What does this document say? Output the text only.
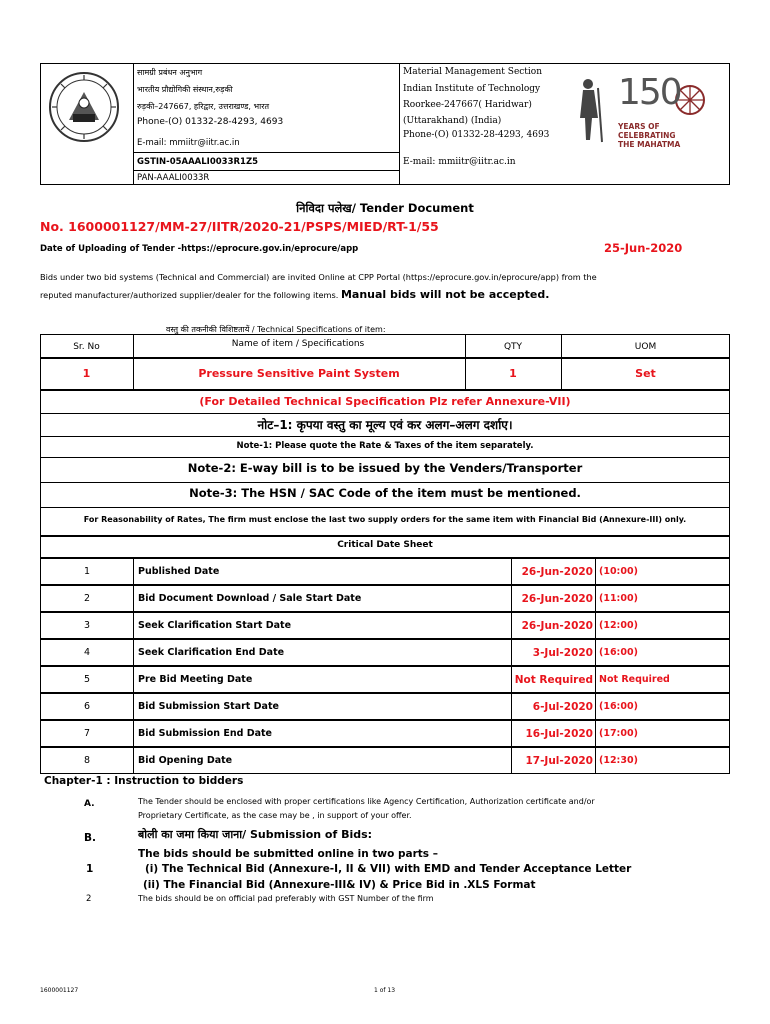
सामग्री प्रबंधन अनुभाग
भारतीय प्रौद्योगिकी संस्थान,रुड़की
रुड़की–247667, हरिद्वार, उत्तराखण्ड, भारत
Phone-(O) 01332-28-4293, 4693
E-mail: mmiitr@iitr.ac.in
GSTIN-05AAALI0033R1Z5
PAN-AAALI0033R
Material Management Section
Indian Institute of Technology
Roorkee-247667( Haridwar)
(Uttarakhand) (India)
Phone-(O) 01332-28-4293, 4693
E-mail: mmiitr@iitr.ac.in
150
YEARS OF
CELEBRATING
THE MAHATMA
निविदा पलेख/ Tender Document
No. 1600001127/MM-27/IITR/2020-21/PSPS/MIED/RT-1/55
Date of Uploading of Tender -https://eprocure.gov.in/eprocure/app	25-Jun-2020
Bids under two bid systems (Technical and Commercial) are invited Online at CPP Portal (https://eprocure.gov.in/eprocure/app) from the
reputed manufacturer/authorized supplier/dealer for the following items. Manual bids will not be accepted.
वस्तु की तकनीकी विशिष्टतायें / Technical Specifications of item:
Sr. No	Name of item / Specifications	QTY	UOM
1	Pressure Sensitive Paint System	1	Set
(For Detailed Technical Specification Plz refer Annexure-VII)
नोट–1: कृपया वस्तु का मूल्य एवं कर अलग–अलग दर्शाए।
Note-1: Please quote the Rate & Taxes of the item separately.
Note-2: E-way bill is to be issued by the Venders/Transporter
Note-3: The HSN / SAC Code of the item must be mentioned.
For Reasonability of Rates, The firm must enclose the last two supply orders for the same item with Financial Bid (Annexure-III) only.
Critical Date Sheet
1	Published Date	26-Jun-2020 (10:00)
2	Bid Document Download / Sale Start Date	26-Jun-2020 (11:00)
3	Seek Clarification Start Date	26-Jun-2020 (12:00)
4	Seek Clarification End Date	3-Jul-2020 (16:00)
5	Pre Bid Meeting Date	Not Required Not Required
6	Bid Submission Start Date	6-Jul-2020 (16:00)
7	Bid Submission End Date	16-Jul-2020 (17:00)
8	Bid Opening Date	17-Jul-2020 (12:30)
Chapter-1 : Instruction to bidders
A.	The Tender should be enclosed with proper certifications like Agency Certification, Authorization certificate and/or
Proprietary Certificate, as the case may be , in support of your offer.
B.	बोली का जमा किया जाना/ Submission of Bids:
The bids should be submitted online in two parts –
1	(i) The Technical Bid (Annexure-I, II & VII) with EMD and Tender Acceptance Letter
(ii) The Financial Bid (Annexure-III& IV) & Price Bid in .XLS Format
2	The bids should be on official pad preferably with GST Number of the firm
1600001127	1 of 13
